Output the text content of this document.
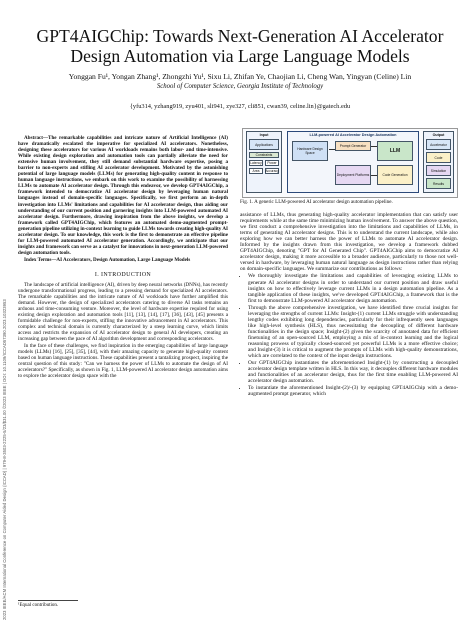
2023 IEEE/ACM International Conference on Computer Aided Design (ICCAD) | 979-8-3503-2225-5/23/$31.00 ©2023 IEEE | DOI: 10.1109/ICCAD57390.2023.10323953
GPT4AIGChip: Towards Next-Generation AI Accelerator
Design Automation via Large Language Models
Yonggan Fu¹, Yongan Zhang¹, Zhongzhi Yu¹, Sixu Li, Zhifan Ye, Chaojian Li, Cheng Wan, Yingyan (Celine) Lin
School of Computer Science, Georgia Institute of Technology
{yfu314, yzhang919, zyu401, sli941, zye327, cli851, cwan39, celine.lin}@gatech.edu

Abstract—The remarkable capabilities and intricate nature of Artificial Intelligence (AI) have dramatically escalated the imperative for specialized AI accelerators. Nonetheless, designing these accelerators for various AI workloads remains both labor- and time-intensive. While existing design exploration and automation tools can partially alleviate the need for extensive human involvement, they still demand substantial hardware expertise, posing a barrier to non-experts and stifling AI accelerator development. Motivated by the astonishing potential of large language models (LLMs) for generating high-quality content in response to human language instructions, we embark on this work to examine the possibility of harnessing LLMs to automate AI accelerator design. Through this endeavor, we develop GPT4AIGChip, a framework intended to democratize AI accelerator design by leveraging human natural languages instead of domain-specific languages. Specifically, we first perform an in-depth investigation into LLMs' limitations and capabilities for AI accelerator design, thus aiding our understanding of our current position and garnering insights into LLM-powered automated AI accelerator design. Furthermore, drawing inspiration from the above insights, we develop a framework called GPT4AIGChip, which features an automated demo-augmented prompt-generation pipeline utilizing in-context learning to guide LLMs towards creating high-quality AI accelerator design. To our knowledge, this work is the first to demonstrate an effective pipeline for LLM-powered automated AI accelerator generation. Accordingly, we anticipate that our insights and framework can serve as a catalyst for innovations in next-generation LLM-powered design automation tools.

Index Terms—AI Accelerators, Design Automation, Large Language Models

I. INTRODUCTION

The landscape of artificial intelligence (AI), driven by deep neural networks (DNNs), has recently undergone transformational progress, leading to a pressing demand for specialized AI accelerators. The remarkable capabilities and the intricate nature of AI workloads have further amplified this demand. However, the design of specialized accelerators catering to diverse AI tasks remains an arduous and time-consuming venture. Moreover, the level of hardware expertise required for using existing design exploration and automation tools [11], [13], [14], [17], [36], [43], [45] presents a formidable challenge for non-experts, stifling the innovative advancement in AI accelerators. This complex and technical domain is currently characterized by a steep learning curve, which limits access and restricts the expansion of AI accelerator design to general AI developers, creating an increasing gap between the pace of AI algorithm development and corresponding accelerators.

In the face of these challenges, we find inspiration in the emerging capabilities of large language models (LLMs) [16], [25], [35], [44], with their amazing capacity to generate high-quality content based on human language instructions. These capabilities present a tantalizing prospect, inspiring the central question of this study: "Can we harness the power of LLMs to automate the design of AI accelerators?" Specifically, as shown in Fig. 1, LLM-powered AI accelerator design automation aims to explore the accelerator design space with the

¹Equal contribution.
Input
Applications
Constraints
Latency	Power
Area	Accuracy
LLM-powered AI Accelerator Design Automation
Hardware Design Space
Prompt Generator
LLM
Deployment Platforms	Code Generation
Output
Accelerator
Code
Simulation
Results
Fig. 1. A generic LLM-powered AI accelerator design automation pipeline.

assistance of LLMs, thus generating high-quality accelerator implementation that can satisfy user requirements while at the same time minimizing human involvement. To answer the above question, we first conduct a comprehensive investigation into the limitations and capabilities of LLMs, in terms of generating AI accelerator designs. This is to understand the current landscape, while also exploring how we can better harness the power of LLMs to automate AI accelerator design. Informed by the insights drawn from this investigation, we develop a framework dubbed GPT4AIGChip, denoting "GPT for AI Generated Chip". GPT4AIGChip aims to democratize AI accelerator design, making it more accessible to a broader audience, particularly to those not well-versed in hardware, by leveraging human natural language as design instructions rather than relying on domain-specific languages. We summarize our contributions as follows:

• We thoroughly investigate the limitations and capabilities of leveraging existing LLMs to generate AI accelerator designs in order to understand our current position and draw useful insights on how to effectively leverage current LLMs in a design automation pipeline. As a tangible application of these insights, we've developed GPT4AIGChip, a framework that is the first to demonstrate LLM-powered AI accelerator design automation.
• Through the above comprehensive investigation, we have identified three crucial insights for leveraging the strengths of current LLMs: Insight-(1) current LLMs struggle with understanding lengthy codes exhibiting long dependencies, particularly for their infrequently seen languages like high-level synthesis (HLS), thus necessitating the decoupling of different hardware functionalities in the design space; Insight-(2) given the scarcity of annotated data for efficient finetuning of an open-sourced LLM, employing a mix of in-context learning and the logical reasoning prowess of typically closed-sourced yet powerful LLMs is a more effective choice; and Insight-(3) it is critical to augment the prompts of LLMs with high-quality demonstrations, which are correlated to the context of the input design instructions.
• Our GPT4AIGChip instantiates the aforementioned Insight-(1) by constructing a decoupled accelerator design template written in HLS. In this way, it decouples different hardware modules and functionalities of an accelerator design, thus for the first time enabling LLM-powered AI accelerator design automation.
• To instantiate the aforementioned Insight-(2)/-(3) by equipping GPT4AIGChip with a demo-augmented prompt generator, which
